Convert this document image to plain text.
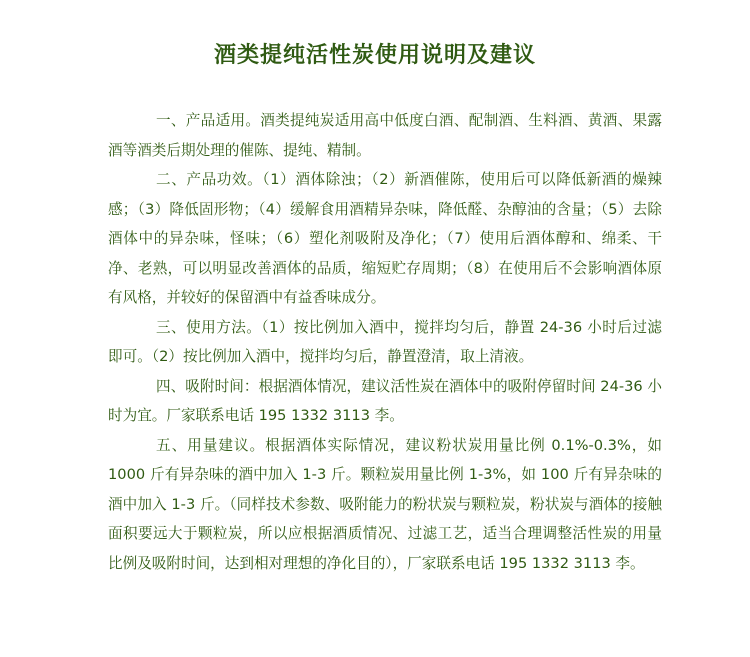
酒类提纯活性炭使用说明及建议

一、产品适用。酒类提纯炭适用高中低度白酒、配制酒、生料酒、黄酒、果露酒等酒类后期处理的催陈、提纯、精制。

二、产品功效。（1）酒体除浊；（2）新酒催陈，使用后可以降低新酒的燥辣感；（3）降低固形物；（4）缓解食用酒精异杂味，降低醛、杂醇油的含量；（5）去除酒体中的异杂味，怪味；（6）塑化剂吸附及净化；（7）使用后酒体醇和、绵柔、干净、老熟，可以明显改善酒体的品质，缩短贮存周期；（8）在使用后不会影响酒体原有风格，并较好的保留酒中有益香味成分。

三、使用方法。（1）按比例加入酒中，搅拌均匀后，静置 24-36 小时后过滤即可。（2）按比例加入酒中，搅拌均匀后，静置澄清，取上清液。

四、吸附时间：根据酒体情况，建议活性炭在酒体中的吸附停留时间 24-36 小时为宜。厂家联系电话 195 1332 3113 李。

五、用量建议。根据酒体实际情况，建议粉状炭用量比例 0.1%-0.3%，如 1000 斤有异杂味的酒中加入 1-3 斤。颗粒炭用量比例 1-3%，如 100 斤有异杂味的酒中加入 1-3 斤。（同样技术参数、吸附能力的粉状炭与颗粒炭，粉状炭与酒体的接触面积要远大于颗粒炭，所以应根据酒质情况、过滤工艺，适当合理调整活性炭的用量比例及吸附时间，达到相对理想的净化目的），厂家联系电话 195 1332 3113 李。
